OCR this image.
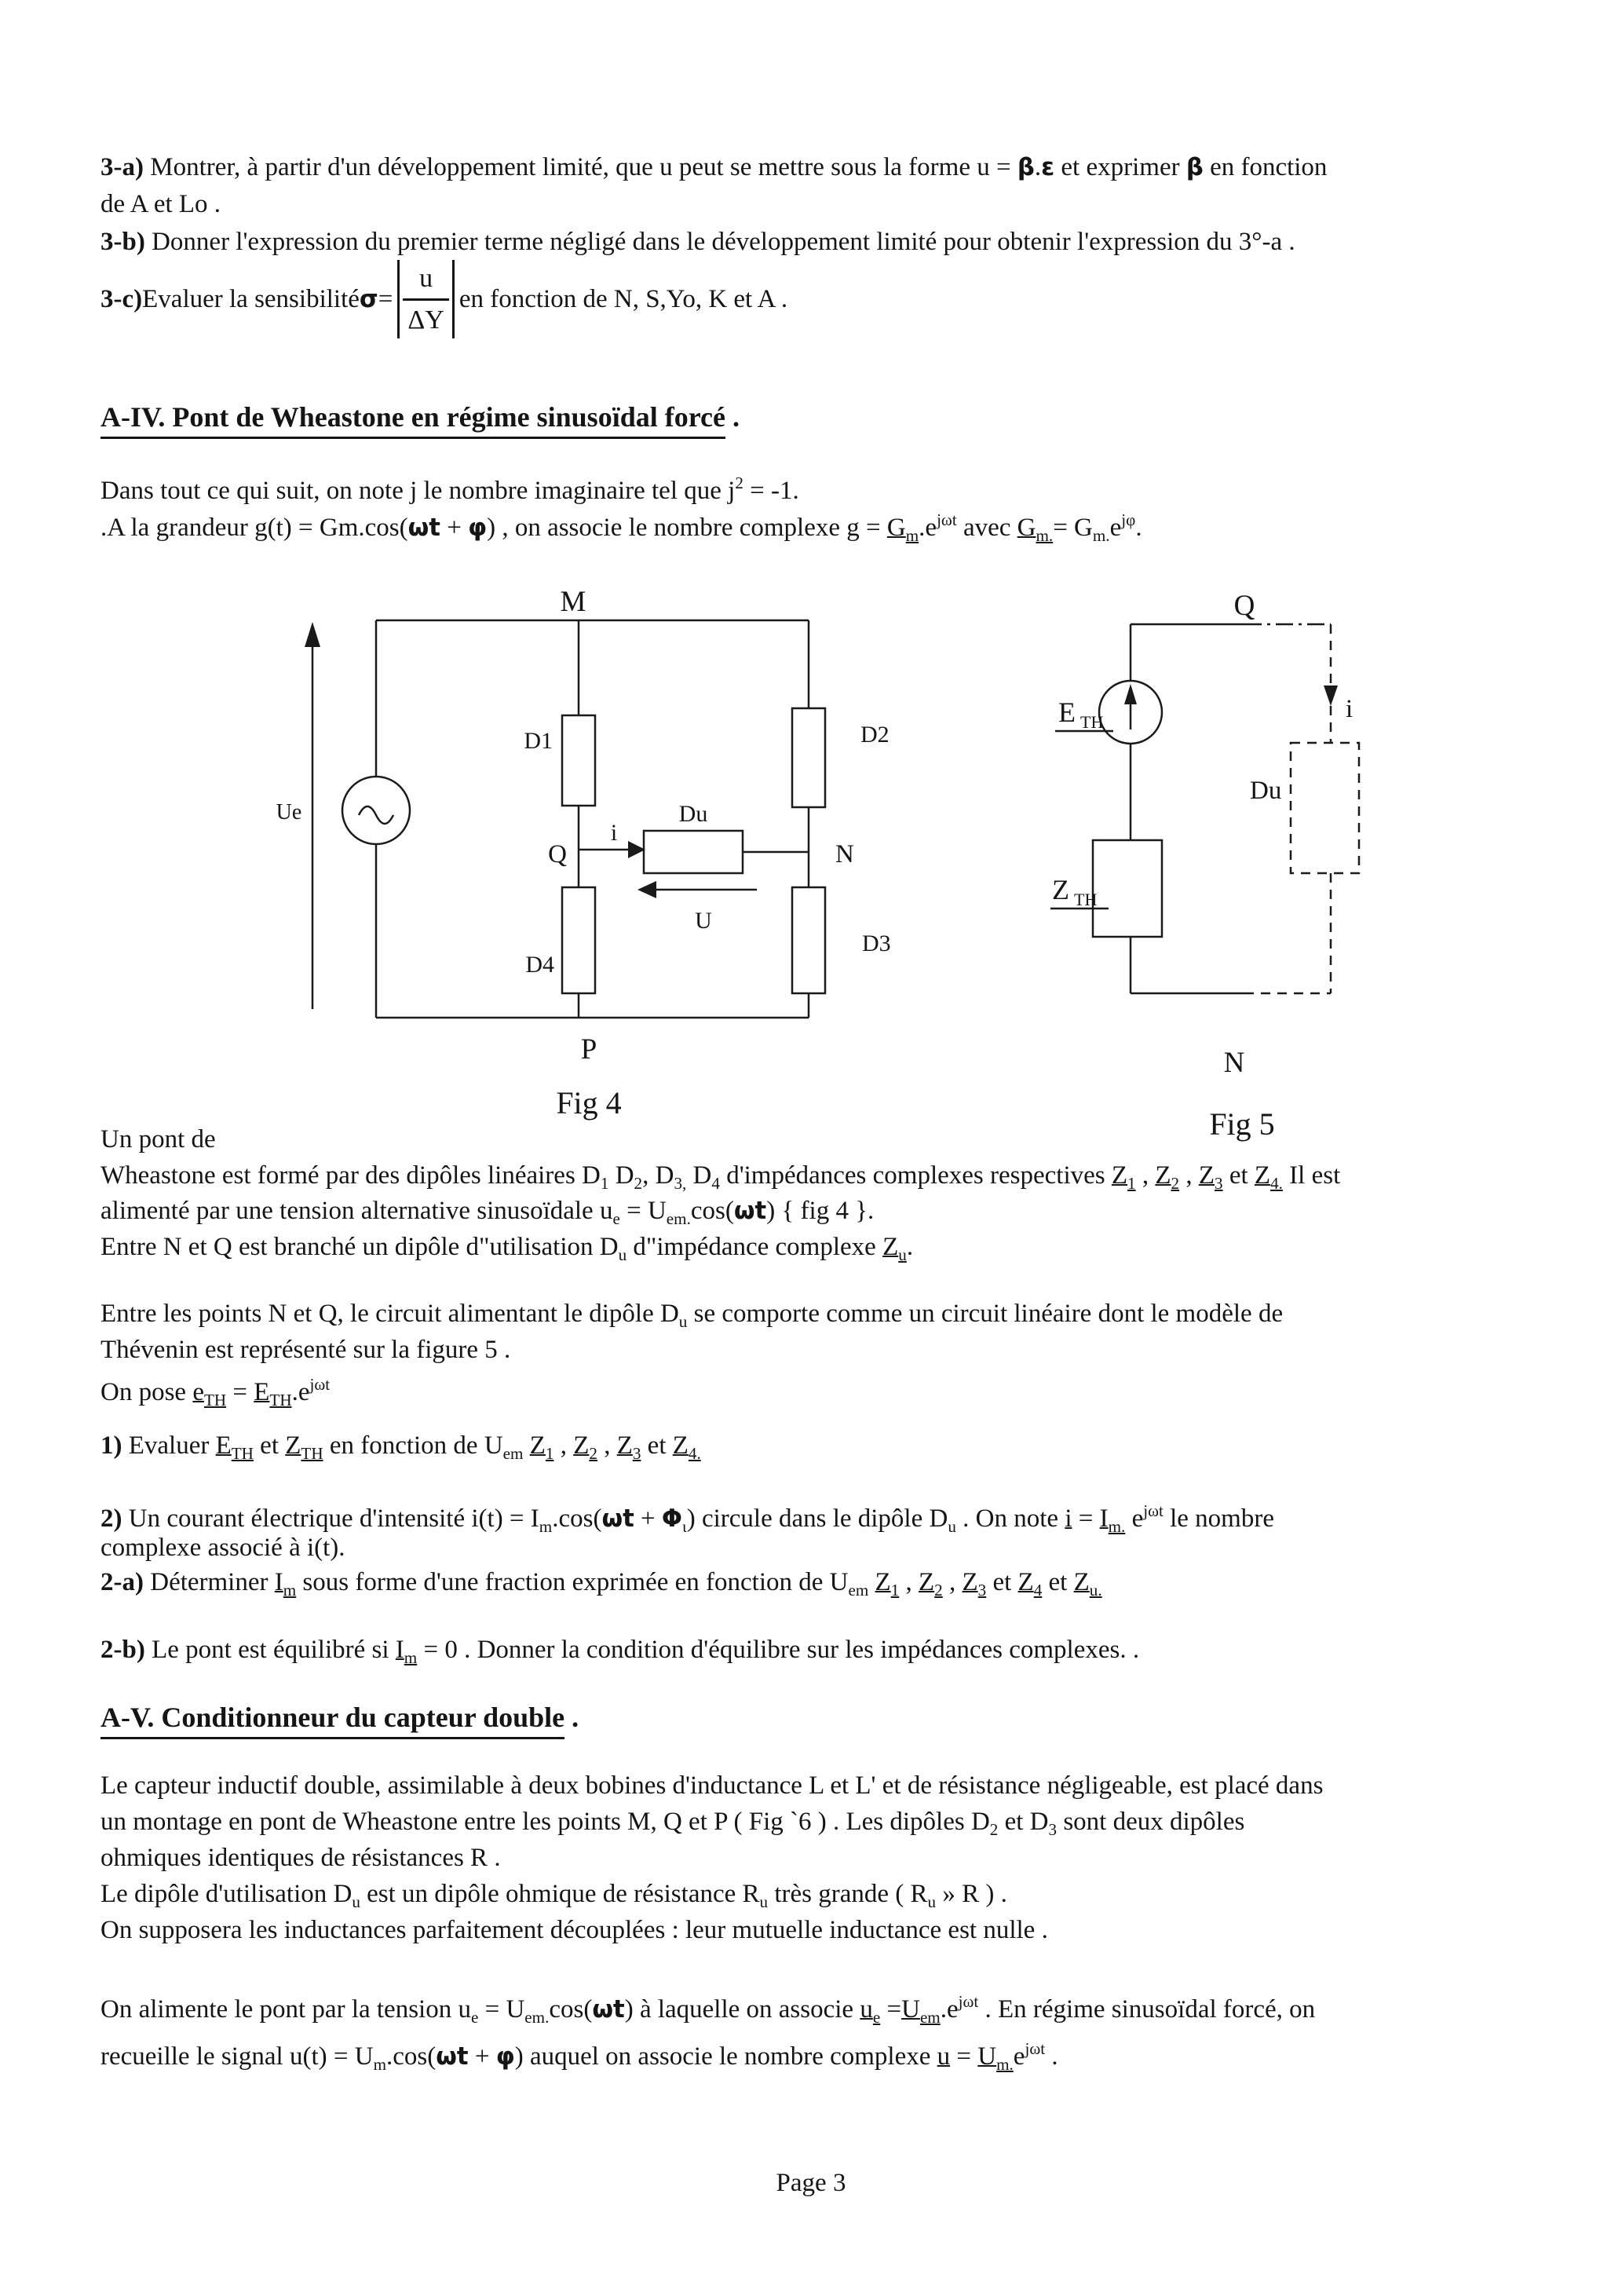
3-a) Montrer, à partir d'un développement limité, que u peut se mettre sous la forme u = β.ε et exprimer β en fonction
de A et Lo .
3-b) Donner l'expression du premier terme négligé dans le développement limité pour obtenir l'expression du 3°-a .
3-c) Evaluer la sensibilité $\sigma = \frac{u}{\Delta Y}$ en fonction de N, S,Yo, K et A .
A-IV. Pont de Wheastone en régime sinusoïdal forcé .
Dans tout ce qui suit, on note j le nombre imaginaire tel que $j^2 = -1$.
.A la grandeur g(t) = Gm.cos(ωt + φ) , on associe le nombre complexe $g = G_m.e^{j\omega t}$ avec $G_{m.}= G_{m.}e^{j\varphi}$.
M
P
Q	N
D1	D2
D3
D4
Du
i
U
Ue
Fig 4
Q
N
E TH
Z TH
Du
i
Fig 5
Un pont de
Wheastone est formé par des dipôles linéaires $D_1$ $D_2$, $D_{3,}$ $D_4$ d'impédances complexes respectives $Z_1$ , $Z_2$ , $Z_3$ et $Z_{4.}$ Il est
alimenté par une tension alternative sinusoïdale $u_e = U_{em.}\cos(\omega t)$ { fig 4 }.
Entre N et Q est branché un dipôle d"utilisation $D_u$ d"impédance complexe $Z_u$.
Entre les points N et Q, le circuit alimentant le dipôle $D_u$ se comporte comme un circuit linéaire dont le modèle de
Thévenin est représenté sur la figure 5 .
On pose $e_{TH} = E_{TH}.e^{j\omega t}$
1) Evaluer $E_{TH}$ et $Z_{TH}$ en fonction de $U_{em}$ $Z_1$ , $Z_2$ , $Z_3$ et $Z_{4.}$
2) Un courant électrique d'intensité $i(t) = I_m.\cos(\omega t + \Phi_\iota)$ circule dans le dipôle $D_u$ . On note $i = I_{m.}$ $e^{j\omega t}$ le nombre
complexe associé à i(t).
2-a) Déterminer $I_m$ sous forme d'une fraction exprimée en fonction de $U_{em}$ $Z_1$ , $Z_2$ , $Z_3$ et $Z_4$ et $Z_{u.}$
2-b) Le pont est équilibré si $I_m = 0$ . Donner la condition d'équilibre sur les impédances complexes. .
A-V. Conditionneur du capteur double .
Le capteur inductif double, assimilable à deux bobines d'inductance L et L' et de résistance négligeable, est placé dans
un montage en pont de Wheastone entre les points M, Q et P ( Fig `6 ) . Les dipôles $D_2$ et $D_3$ sont deux dipôles
ohmiques identiques de résistances R .
Le dipôle d'utilisation $D_u$ est un dipôle ohmique de résistance $R_u$ très grande ( $R_u$ » R ) .
On supposera les inductances parfaitement découplées : leur mutuelle inductance est nulle .
On alimente le pont par la tension $u_e = U_{em.}\cos(\omega t)$ à laquelle on associe $u_e =U_{em}.e^{j\omega t}$ . En régime sinusoïdal forcé, on
recueille le signal $u(t) = U_m.\cos(\omega t + \varphi)$ auquel on associe le nombre complexe $u = U_{m.}e^{j\omega t}$ .
Page 3
